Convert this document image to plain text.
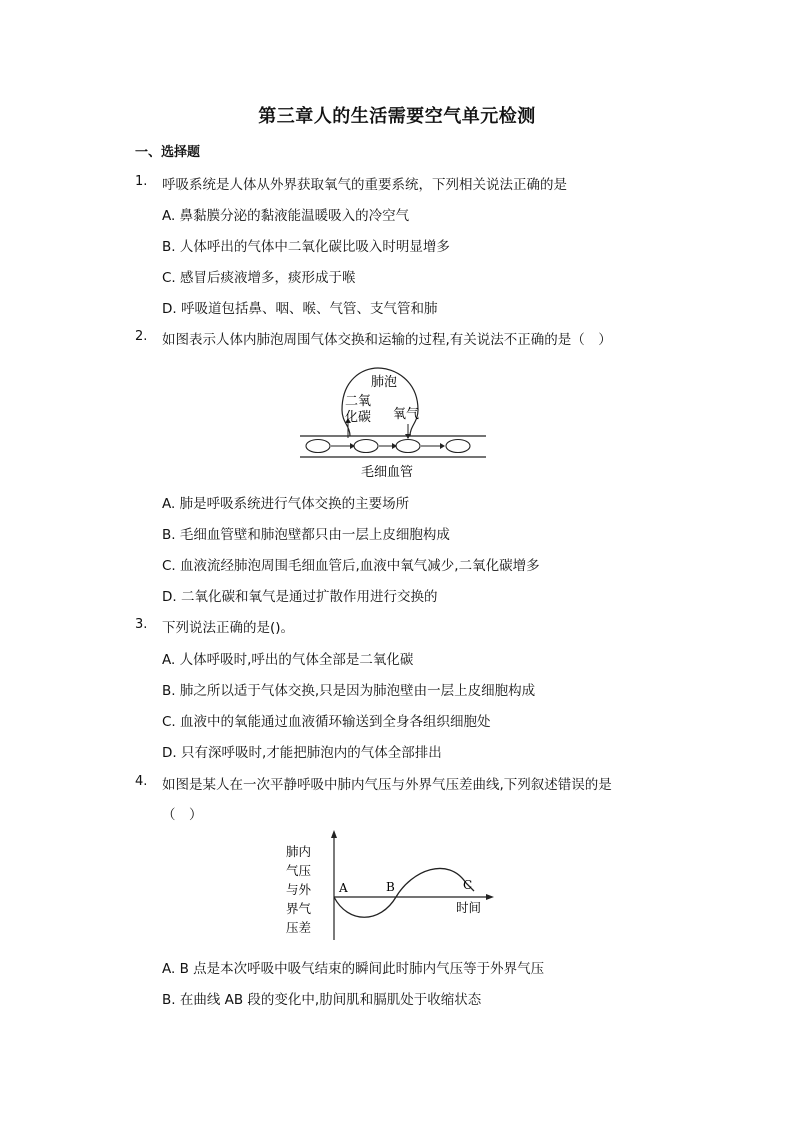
第三章人的生活需要空气单元检测
一、选择题
1. 呼吸系统是人体从外界获取氧气的重要系统，下列相关说法正确的是
A. 鼻黏膜分泌的黏液能温暖吸入的冷空气
B. 人体呼出的气体中二氧化碳比吸入时明显增多
C. 感冒后痰液增多，痰形成于喉
D. 呼吸道包括鼻、咽、喉、气管、支气管和肺
2. 如图表示人体内肺泡周围气体交换和运输的过程,有关说法不正确的是（　）
肺泡
二氧
化碳 氧气
毛细血管
A. 肺是呼吸系统进行气体交换的主要场所
B. 毛细血管壁和肺泡壁都只由一层上皮细胞构成
C. 血液流经肺泡周围毛细血管后,血液中氧气减少,二氧化碳增多
D. 二氧化碳和氧气是通过扩散作用进行交换的
3. 下列说法正确的是()。
A. 人体呼吸时,呼出的气体全部是二氧化碳
B. 肺之所以适于气体交换,只是因为肺泡壁由一层上皮细胞构成
C. 血液中的氧能通过血液循环输送到全身各组织细胞处
D. 只有深呼吸时,才能把肺泡内的气体全部排出
4. 如图是某人在一次平静呼吸中肺内气压与外界气压差曲线,下列叙述错误的是
（　）
肺内
气压
与外
界气
压差
A	B	C
时间
A. B 点是本次呼吸中吸气结束的瞬间此时肺内气压等于外界气压
B. 在曲线 AB 段的变化中,肋间肌和膈肌处于收缩状态
